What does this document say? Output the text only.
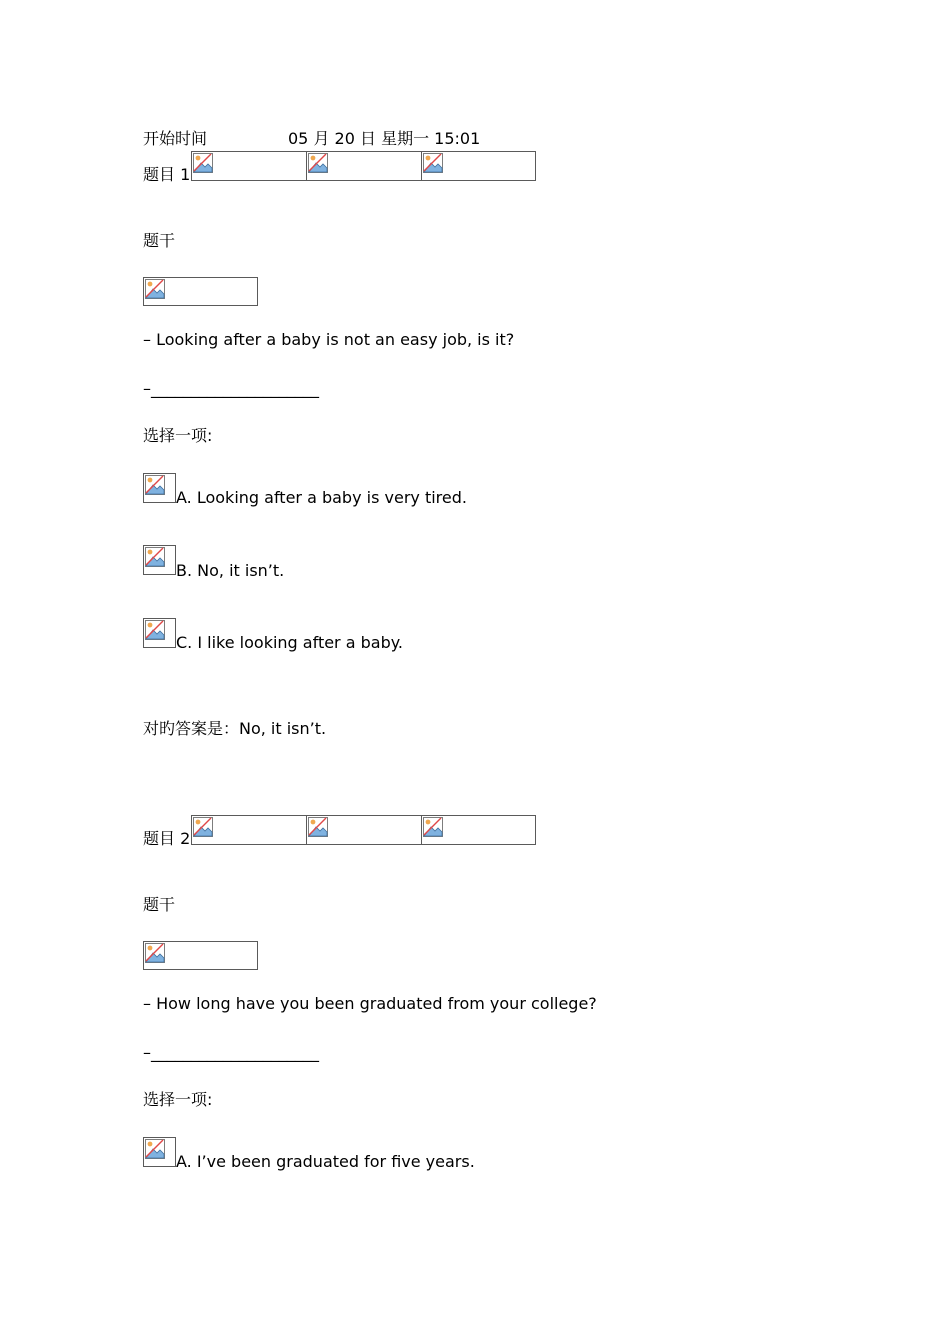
开始时间	05 月 20 日 星期一 15:01
题目 1
题干
– Looking after a baby is not an easy job, is it?
–_____________________
选择一项:
A. Looking after a baby is very tired.
B. No, it isn’t.
C. I like looking after a baby.
对旳答案是：No, it isn’t.
题目 2
题干
– How long have you been graduated from your college?
–_____________________
选择一项:
A. I’ve been graduated for five years.
